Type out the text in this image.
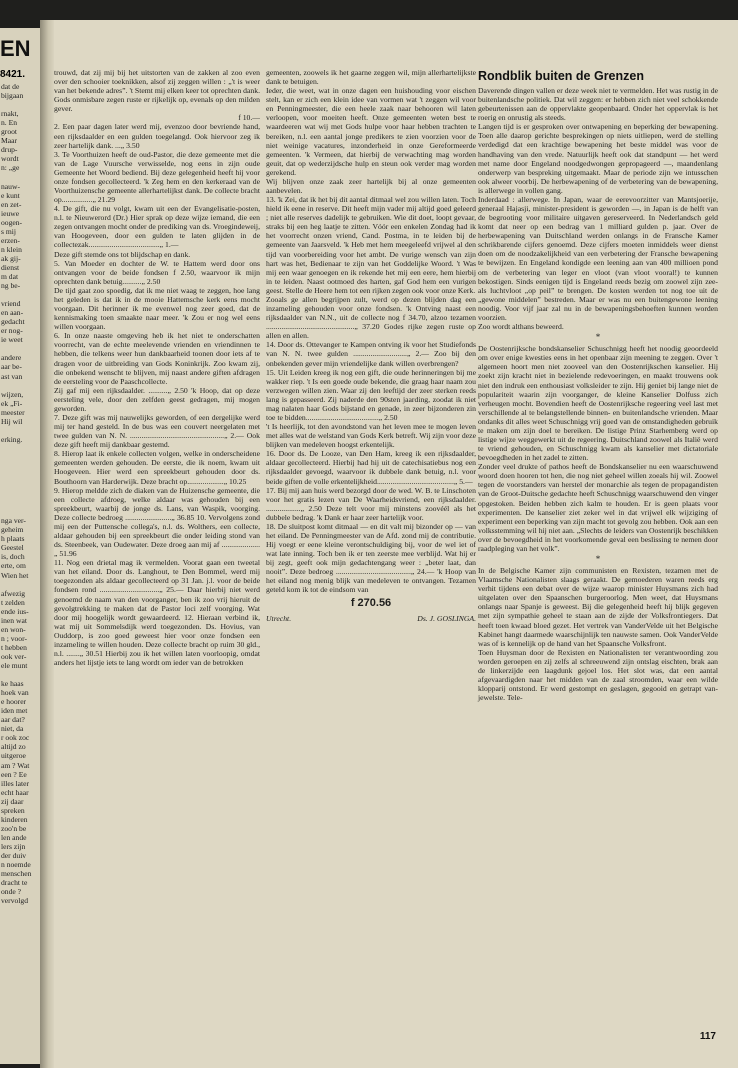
EN
8421.
dat de
bijgaan

rnakt,
n. En
groot
Maar
drup-
wordt
n: „ge

nauw-
e kunt
en zet-
ieuwe
oogen-
s mij
erzen-
n klein
ak gij-
dienst
m dat
ng be-

vriend
en aan-
gedacht
er nog-
ie weet

andere
aar be-
ast van

wijzen,
ek „Fi-
meester
Hij wil

erking.

nga ver-
geheim
h plaats
Geestel
is, doch
erte, om
Wien het

afwezig
t zelden
ende ius-
inen wat
en won-
n ; voor-
t hebben
ook ver-
ele munt

ke haas
hoek van
e hoorer
iden met
aar dat?
niet, da
r ook zoc
altijd zo
uitgeroe
am ? Wat
een ? Ee
illes later
echt haar
zij daar
spreken
kinderen
zoo'n be
len ande
lers zijn
der duiv
n noemde
menschen
dracht te
onde ?
vervolgd

trouwd, dat zij mij bij het uitstorten van de zakken al zoo even over den schooier toeknikken, alsof zij zeggen willen : „'t is weer van het bekende adres”. 't Stemt mij elken keer tot oprechten dank. Gods onmisbare zegen ruste er rijkelijk op, evenals op den milden gever.

f 10.—

2. Een paar dagen later werd mij, evenzoo door bevriende hand, een rijksdaalder en een gulden toegelangd. Ook hiervoor zeg ik zeer hartelijk dank. ...„ 3.50

3. Te Voorthuizen heeft de oud-Pastor, die deze gemeente met die van de Lage Vuursche verwisselde, nog eens in zijn oude Gemeente het Woord bediend. Bij deze gelegenheid heeft hij voor onze fondsen gecollecteerd. 'k Zeg hem en den kerkeraad van de Voorthuizensche gemeente allerhartelijkst dank. De collecte bracht op................„ 21.29

4. De gift, die nu volgt, kwam uit een der Evangelisatie-posten, n.l. te Nieuwerord (Dr.) Hier sprak op deze wijze iemand, die een zegen ontvangen mocht onder de prediking van ds. Vroegindeweij, van Hoogeveen, door een gulden te laten glijden in de collectezak.....................................„ 1.—

Deze gift stemde ons tot blijdschap en dank.

5. Van Moeder en dochter de W. te Hattem werd door ons ontvangen voor de beide fondsen f 2.50, waarvoor ik mijn oprechten dank betuig..........„ 2.50

De tijd gaat zoo spoedig, dat ik me niet waag te zeggen, hoe lang het geleden is dat ik in de mooie Hattemsche kerk eens mocht voorgaan. Dit herinner ik me evenwel nog zeer goed, dat de kennismaking toen smaakte naar meer. 'k Zou er nog wel eens willen voorgaan.

6. In onze naaste omgeving heb ik het niet te onderschatten voorrecht, van de echte meelevende vrienden en vriendinnen te hebben, die telkens weer hun dankbaarheid toonen door iets af te dragen voor de uitbreiding van Gods Koninkrijk. Zoo kwam zij, die onbekend wenscht te blijven, mij naast andere giften afdragen de eersteling voor de Paaschcollecte.

Zij gaf mij een rijksdaalder. ..........„ 2.50 'k Hoop, dat op deze eersteling vele, door den zelfden geest gedragen, mij mogen geworden.

7. Deze gift was mij nauwelijks geworden, of een dergelijke werd mij ter hand gesteld. In de bus was een couvert neergelaten met twee gulden van N. N. .................................................„ 2.— Ook deze gift heeft mij dankbaar gestemd.

8. Hierop laat ik enkele collecten volgen, welke in onderscheidene gemeenten werden gehouden. De eerste, die ik noem, kwam uit Hoogeveen. Hier werd een spreekbeurt gehouden door ds. Bouthoorn van Harderwijk. Deze bracht op...................„ 10.25

9. Hierop meldde zich de diaken van de Huizensche gemeente, die een collecte afdroeg, welke aldaar was gehouden bij een spreekbeurt, waarbij de jonge ds. Lans, van Waspik, voorging. Deze collecte bedroeg ........................„ 36.85 10. Vervolgens zond mij een der Puttensche collega's, n.l. ds. Wolthers, een collecte, aldaar gehouden bij een spreekbeurt die onder leiding stond van ds. Steenbeek, van Oudewater. Deze droeg aan mij af ....................„ 51.96

11. Nog een drietal mag ik vermelden. Voorat gaan een tweetal van het eiland. Door ds. Langhout, te Den Bommel, werd mij toegezonden als aldaar gecollecteerd op 31 Jan. j.l. voor de beide fondsen rond ...............................„ 25.— Daar hierbij niet werd genoemd de naam van den voorganger, ben ik zoo vrij hieruit de gevolgtrekking te maken dat de Pastor loci zelf voorging. Wat door mij hoogelijk wordt gewaardeerd. 12. Hieraan verbind ik, wat mij uit Sommelsdijk werd toegezonden. Ds. Hovius, van Ouddorp, is zoo goed geweest hier voor onze fondsen een inzameling te willen houden. Deze collecte bracht op ruim 30 gld., n.l. .......„ 30.51 Hierbij zou ik het willen laten voorloopig, omdat anders het lijstje iets te lang wordt om ieder van de betrokken

gemeenten, zoowels ik het gaarne zeggen wil, mijn allerhartelijkste dank te betuigen.

Ieder, die weet, wat in onze dagen een huishouding voor eischen stelt, kan er zich een klein idee van vormen wat 't zeggen wil voor en Penningmeester, die een heele zaak naar behooren wil laten verloopen, voor moeiten heeft. Onze gemeenten weten best te waardeeren wat wij met Gods hulpe voor haar hebben trachten te bereiken, n.l. een aantal jonge predikers te zien voorzien voor de niet weinige vacatures, inzonderheid in onze Gereformeerde gemeenten. 'k Vermeen, dat hierbij de verwachting mag worden geuit, dat op wederzijdsche hulp en steun ook verder mag worden gerekend.

Wij blijven onze zaak zeer hartelijk bij al onze gemeenten aanbevelen.

13. 'k Zei, dat ik het bij dit aantal ditmaal wel zou willen laten. Toch hield ik eene in reserve. Dit heeft mijn vader mij altijd goed geleerd ; niet alle reserves dadelijk te gebruiken. Wie dit doet, loopt gevaar, straks bij een heg laatje te zitten. Vóór een enkelen Zondag had ik het voorrecht onzen vriend, Cand. Postma, in te leiden bij de gemeente van Jaarsveld. 'k Heb met hem meegeleefd vrijwel al den tijd van voorbereiding voor het ambt. De vurige wensch van zijn hart was het, Bedienaar te zijn van het Goddelijke Woord. 't Was mij een waar genoegen en ik rekende het mij een eere, hem hierbij in te leiden. Naast ootmoed des harten, gaf God hem een vurigen geest. Stelle de Heere hem tot een rijken zegen ook voor onze Kerk.

Zooals ge allen begrijpen zult, werd op dezen blijden dag een inzameling gehouden voor onze fondsen. 'k Ontving naast een rijksdaalder van N.N., uit de collecte nog f 34.70, alzoo tezamen ..............................................„ 37.20 Godes rijke zegen ruste op allen en allen.

14. Door ds. Ottevanger te Kampen ontving ik voor het Studiefonds van N. N. twee gulden ............................„ 2.— Zoo bij den onbekenden gever mijn vriendelijke dank willen overbrengen?

15. Uit Leiden kreeg ik nog een gift, die oude herinneringen bij me wakker riep. 't Is een goede oude bekende, die graag haar naam zou verzwegen willen zien. Waar zij den leeftijd der zeer sterken reeds lang is gepasseerd. Zij naderde den 90sten jaarding, zoodat ik niet mag nalaten haar Gods bijstand en genade, in zeer bijzonderen zin toe te bidden......................................„ 2.50

't Is heerlijk, tot den avondstond van het leven mee te mogen leven met alles wat de welstand van Gods Kerk betreft. Wij zijn voor deze blijken van medeleven hoogst erkentelijk.

16. Door ds. De Looze, van Den Ham, kreeg ik een rijksdaalder, aldaar gecollecteerd. Hierbij had hij uit de catechisatiebus nog een rijksdaalder gevoegd, waarvoor ik dubbele dank betuig, n.l. voor beide giften de volle erkentelijkheid........................................„ 5.—

17. Bij mij aan huis werd bezorgd door de wed. W. B. te Linschoten voor het gratis lezen van De Waarheidsvriend, een rijksdaalder. ..................„ 2.50 Deze telt voor mij minstens zoovéél als het dubbele bedrag. 'k Dank er haar zeer hartelijk voor.

18. De sluitpost komt ditmaal — en dit valt mij bizonder op — van het eiland. De Penningmeester van de Afd. zond mij de contributie. Hij voegt er eene kleine verontschuldiging bij, voor de wel iet of wat late inning. Toch ben ik er ten zeerste mee verblijd. Wat hij er bij zegt, geeft ook mijn gedachtengang weer : „beter laat, dan nooit”. Deze bedroeg .......................................„ 24.— 'k Hoop van het eiland nog menig blijk van medeleven te ontvangen. Tezamen geteld kom ik tot de eindsom van

f 270.56
Utrecht.	Ds. J. GOSLINGA.
Rondblik buiten de Grenzen

Daverende dingen vallen er deze week niet te vermelden. Het was rustig in de buitenlandsche politiek. Dat wil zeggen: er hebben zich niet veel schokkende gebeurtenissen aan de oppervlakte geopenbaard. Onder het oppervlak is het roerig en onrustig als steeds.

Langen tijd is er gesproken over ontwapening en beperking der bewapening. Toen alle daarop gerichte besprekingen op niets uitliepen, werd de stelling verdedigd dat een krachtige bewapening het beste middel was voor de handhaving van den vrede. Natuurlijk heeft ook dat standpunt — het werd met name door Engeland noodgedwongen gepropageerd —, maandenlang onderwerp van bespreking uitgemaakt. Maar de periode zijn we intusschen ook alweer voorbij. De herbewapening of de verbetering van de bewapening, is allerwege in vollen gang.

Inderdaad : allerwege. In Japan, waar de eerevoorzitter van Mantsjoerije, generaal Hajasji, minister-president is geworden —, in Japan is de helft van de begrooting voor militaire uitgaven gereserveerd. In Nederlandsch geld komt dat neer op een bedrag van 1 milliard gulden p. jaar. Over de herbewapening van Duitschland werden onlangs in de Fransche Kamer schrikbarende cijfers genoemd. Deze cijfers moeten inmiddels weer dienst doen om de noodzakelijkheid van een verbetering der Fransche bewapening te bewijzen. En Engeland kondigde een leening aan van 400 millioen pond om de verbetering van leger en vloot (van vloot vooral!) te kunnen bekostigen. Sinds eenigen tijd is Engeland reeds bezig om zoowel zijn zee- als luchtvloot „op peil” te brengen. De kosten werden tot nog toe uit de „gewone middelen” bestreden. Maar er was nu een buitengewone leening noodig. Voor vijf jaar zal nu in de bewapeningsbehoeften kunnen worden voorzien.

Zoo wordt althans beweerd.

*

De Oostenrijksche bondskanselier Schuschnigg heeft het noodig geoordeeld om over enige kwesties eens in het openbaar zijn meening te zeggen. Over 't algemeen hoort men niet zooveel van den Oostenrijkschen kanselier. Hij zoekt zijn kracht niet in bezielende redevoeringen, en maakt trouwens ook niet den indruk een enthousiast volksleider te zijn. Hij geniet bij lange niet de populariteit waarin zijn voorganger, de kleine Kanselier Dolfuss zich verheugen mocht. Bovendien heeft de Oostenrijksche regeering veel last met verschillende al te belangstellende binnen- en buitenlandsche vrienden. Maar ondanks dit alles weet Schuschnigg vrij goed van de omstandigheden gebruik te maken om zijn doel te bereiken. De listige Prinz Starhemberg werd op listige wijze weggewerkt uit de regeering. Duitschland zoowel als Italië werd te vriend gehouden, en Schuschnigg kwam als kanselier met dictatoriale bevoegdheden in het zadel te zitten.

Zonder veel drukte of pathos heeft de Bondskanselier nu een waarschuwend woord doen hooren tot hen, die nog niet geheel willen zoeals hij wil. Zoowel tegen de voorstanders van herstel der monarchie als tegen de propagandisten van de Groot-Duitsche gedachte heeft Schuschnigg waarschuwend den vinger opgestoken. Beiden hebben zich kalm te houden. Er is geen plaats voor experimenten. De kanselier ziet zeker wel in dat vrijwel elk wijziging of experiment een beperking van zijn macht tot gevolg zou hebben. Ook aan een volksstemming wil hij niet aan. „Slechts de leiders van Oostenrijk beschikken over de bevoegdheid in het voorkomende geval een beslissing te nemen door raadpleging van het volk”.

*

In de Belgische Kamer zijn communisten en Rexisten, tezamen met de Vlaamsche Nationalisten slaags geraakt. De gemoederen waren reeds erg verhit tijdens een debat over de wijze waarop minister Huysmans zich had uitgelaten over den Spaanschen burgeroorlog. Men weet, dat Huysmans onlangs naar Spanje is geweest. Bij die gelegenheid heeft hij blijk gegeven met zijn sympathie geheel te staan aan de zijde der Volksfrontiegers. Dat heeft toen kwaad bloed gezet. Het vertrek van VanderVelde uit het Belgische Kabinet hangt daarmede waarschijnlijk ten nauwste samen. Ook VanderVelde was of is kennelijk op de hand van het Spaansche Volksfront.

Toen Huysman door de Rexisten en Nationalisten ter verantwoording zou worden geroepen en zij zelfs al schreeuwend zijn ontslag eischten, brak aan de linkerzijde een laagdunk gejoel los. Het slot was, dat een aantal afgevaardigden naar het midden van de zaal stroomden, waar een wilde klopparij ontstond. Er werd gestompt en geslagen, gegooid en getrapt van-jewelste. Tele-

117
